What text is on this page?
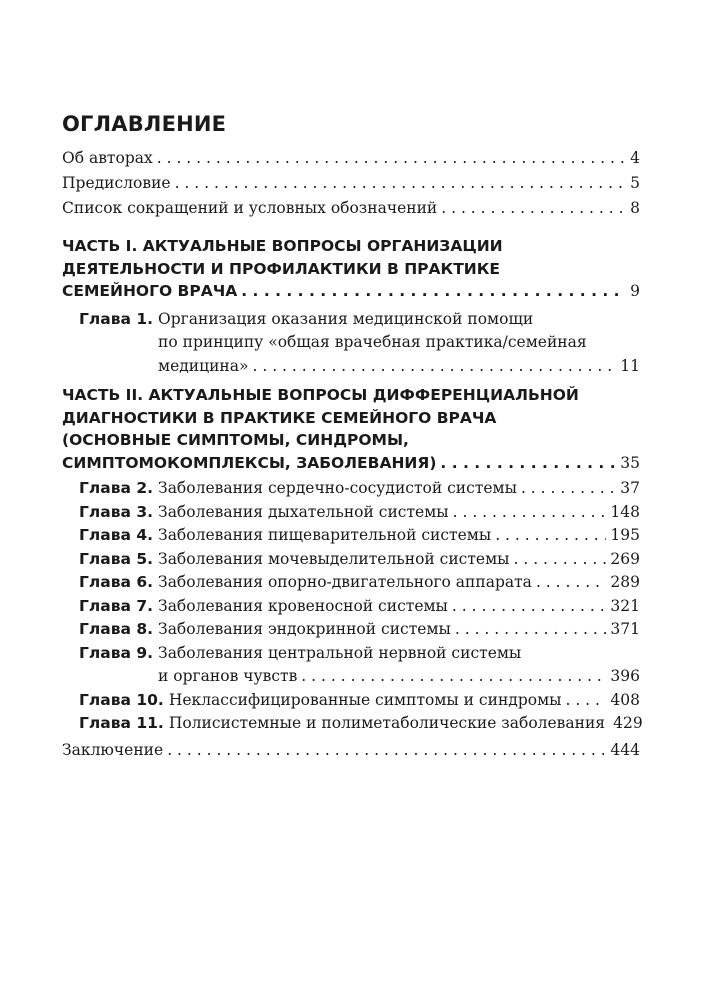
ОГЛАВЛЕНИЕ
Об авторах . . .	4
Предисловие . . .	5
Список сокращений и условных обозначений . . .	8
ЧАСТЬ I. АКТУАЛЬНЫЕ ВОПРОСЫ ОРГАНИЗАЦИИ
ДЕЯТЕЛЬНОСТИ И ПРОФИЛАКТИКИ В ПРАКТИКЕ
СЕМЕЙНОГО ВРАЧА . . .	9
Глава 1. Организация оказания медицинской помощи
по принципу «общая врачебная практика/семейная
медицина» . . .	11
ЧАСТЬ II. АКТУАЛЬНЫЕ ВОПРОСЫ ДИФФЕРЕНЦИАЛЬНОЙ
ДИАГНОСТИКИ В ПРАКТИКЕ СЕМЕЙНОГО ВРАЧА
(ОСНОВНЫЕ СИМПТОМЫ, СИНДРОМЫ,
СИМПТОМОКОМПЛЕКСЫ, ЗАБОЛЕВАНИЯ) . . .	35
Глава 2. Заболевания сердечно-сосудистой системы . . .	37
Глава 3. Заболевания дыхательной системы . . .	148
Глава 4. Заболевания пищеварительной системы . . .	195
Глава 5. Заболевания мочевыделительной системы . . .	269
Глава 6. Заболевания опорно-двигательного аппарата . . .	289
Глава 7. Заболевания кровеносной системы . . .	321
Глава 8. Заболевания эндокринной системы . . .	371
Глава 9. Заболевания центральной нервной системы
и органов чувств . . .	396
Глава 10. Неклассифицированные симптомы и синдромы . . .	408
Глава 11. Полисистемные и полиметаболические заболевания 429
Заключение . . .	444
